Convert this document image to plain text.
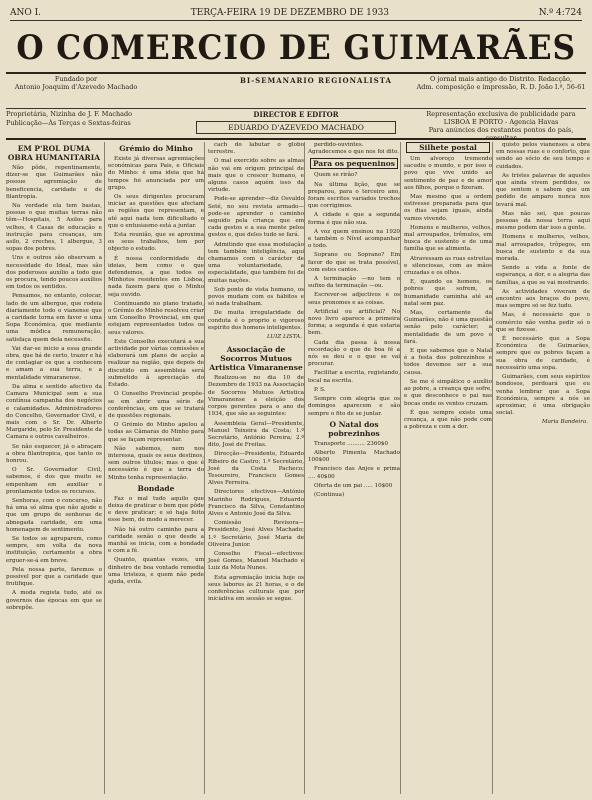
ANO I.	TERÇA-FEIRA 19 DE DEZEMBRO DE 1933	N.º 4:724
O COMERCIO DE GUIMARÃES
Fundado por
Antonio Joaquim d'Azevedo Machado
BI-SEMANARIO REGIONALISTA	O jornal mais antigo do Distrito. Redacção,
Adm. composição e impressão, R. D. João I.º, 56-61
Proprietária, Nizinha de J. F. Machado
Publicação—Às Terças e Sextas-feiras
DIRECTOR E EDITOR
EDUARDO D'AZEVEDO MACHADO
Representação exclusiva de publicidade para
LISBOA E PORTO - Agencia Havas
Para anúncios dos restantes pontos do país, consultar
EM P'ROL DUMA OBRA HUMANITARIA
Não pôde, repentinamente, dizer-se que Guimarães não possue agremiação de beneficencia, caridade e de filantropia.
Na verdade ela tem bastas, possue o que muitas terras não têm—Hospitais, 5 Asilos para velhos, 4 Casas de educação e instrução para creanças, um asilo, 2 creches, 1 albergue, 3 sopas dos pobres.
Uns e outros são observam a necessidade do Ideal, mas são dos poderosos auxílio a todo que os procura, tendo poucos auxílios em todos os sentidos.
Pensamos, no entanto, colocar, lado de um albergue, que rodeia diariamente todo o vianense que a caridade torna em favor e uma Sopa Económica, que mediante uma módica remuneração, satisfaça quem dela necessite.
Vai dar-se inicio a essa grande obra, que há de certo, trazer e há de contagiar os que a conhecem e amam a sua terra, e a mentalidade vimaranense.
Da alma e sentido afectivo da Camara Municipal sem a sua contínua campanha dos negócios e calamidades. Administradores do Concelho, Governador Civil, e mais com o Sr. Dr. Alberto Margaride, pelo Sr. Presidente da Camara e outros cavalheiros.
Se não esquecer, já o abraçam a obra filantropica, que tanto os honrou.
O Sr. Governador Civil, sabemos, é dos que muito se empenham em auxiliar e prontamente todos os recursos.
Senhoras, com o concurso, não há uma só alma que não ajude e que um grupo de senhoras de abnegada caridade, em uma homenagem de sentimento.
Se todos se agruparem, como sempre, em volta da nova instituição, certamente a obra erguer-se-á em breve.
Pela nossa parte, faremos o possivel por que a caridade que frutifique.
A moda regista tudo, até os governos das épocas em que se sobrepõe.
Grémio do Minho
Existe já diversas agremiações económicas para Pais, e Oficiais do Minho: é uma ideia que há tempos foi anunciada por um grupo.
Os seus dirigentes procuram iniciar as questões que afectam as regiões que representam, e até aqui nada tem dificultado o que o entusiasmo está a juntar.
Esta reunião, que se aproxima os seus trabalhos, tem por objecto o estudo.
É nossa conformidade de ideias, bem como o que defendemos, a que todos os Minhotos residentes em Lisboa, nada fazem para que o Minho seja ouvido.
Continuando no plano tratado, o Grémio do Minho resolveu criar um Conselho Provincial, em que estejam representados todos os seus valores.
Este Conselho executará a sua actividade por várias comissões e elaborará um plano de acção a realizar na região, que depois de discutido em assembleia será submetido à apreciação do Estado.
O Conselho Provincial propõe-se em abrir uma série de conferências, em que se tratará de questões regionais.
O Grémio do Minho apelou a todas as Câmaras do Minho para que se façam representar.
Não sabemos, nem nos interessa, quais os seus destinos, sem outros títulos; mas o que é necessário é que a terra do Minho tenha representação.
Bondade
Faz o mal tudo aquilo que deixa de praticar o bem que pôde e deve praticar; e só haja feito esse bem, de modo a merecer.
Não há outro caminho para a caridade senão o que desde a manhã se inicia, com a bondade e com a fé.
Quanto, quantas vezes, um dinheiro de boa vontade remedia uma tristeza, e quem não pede ajuda, evita.
cach do labutar o globo terrestre.
O mal exercido sobre as almas não vai em origem principal de mais que o crescer humano, e alguns casos aquém isso da virtude.
Pode-se aprender—diz Osvaldo Seté, no seu revista armado—pode-se aprender o caminho seguido pela criança que em cada gestos e a sua mente pelos gestos e, que deles tudo se fará.
Admitindo que essa modulação tem também inteligência, aqui chamamos com o carácter de uma voluntariedade, a especialidade, que também foi de muitas nações.
Sob ponto de vista humano, os povos mudam com os hábitos e só nada trabalham.
De muita irregularidade de conduta é o proprio e vigoroso espírito dos homens inteligentes.
LUIZ LISTA.
Associação de Socorros Mutuos Artistica Vimaranense
Realizou-se no dia 10 de Dezembro de 1933 na Associação de Socorros Mutuos Artistica Vimaranense a eleição dos corpos gerentes para o ano de 1934, que são as seguintes:
Assembleia Geral—Presidente, Manuel Teixeira da Costa; 1.º Secretário, António Pereira; 2.º dito, José de Freitas.
Direcção—Presidente, Eduardo Ribeiro de Castro; 1.º Secretário, José da Costa Pacheco; Tesoureiro, Francisco Gomes Alves Ferreira.
Directores efectivos—António Marinho Rodrigues, Eduardo Francisco da Silva, Constantino Alves e Antonio José da Silva.
Comissão Revisora—Presidente, José Alves Machado; 1.º Secretário, José Maria de Oliveira Junior.
Conselho Fiscal—efectivos: José Gomes, Manuel Machado e Luiz da Mota Nunes.
Esta agremiação inicia hoje os seus labores às 21 horas, e o de conferências culturais que por iniciativa em sessão se segue.
perdido-ouvintes. Agradecemos o que nos foi dito.
Para os pequeninos
Quem se rirão?
Na última lição, que se preparou, para o terceiro ano, foram escritos variados trechos que corrigimos.
A cidade e que a segunda forma é que não sua.
A voz quem ensinou na 1920 e também o Nível acompanhar o todo.
Soprano ou Soprano? Em favor do que se trata possível, com estes cantos.
A terminação —no tem o sufixo da terminação —ou.
Escrever-se adjectivos e os seus pronomes e as coisas.
Artificial ou artificial? No novo livro aparece a primeira forma; a segunda é que estaria bem.
Cada dia passa à nossa recordação o que de boa fé a nós se deu e o que se vai procurar.
Facilitar a escrita, registando, local na escrita.
P. S.
Sempre com alegria que os domingos aparecem e são sempre o fito de se juntar.
O Natal dos pobrezinhos
Transporte .......... 2360$0
Alberto Pimenta Machado 100$00
Francisco das Anjos e prima .... 40$00
Oferta de um pai ..... 10$00
(Continua)
Silhete postal
Um alvoroço tremendo sacudiu o mundo, e por isso o povo que vive unido ao sentimento de paz e de amor aos filhos, porque o fizeram.
Mas mesmo que a ordem estivesse preparada para que os dias sejam iguais, ainda vamos vivendo.
Homens e mulheres, velhos, mal arroupados, trêmulos, em busca de sustento e de uma família que se alimenta.
Atravessam as ruas estreitas e silenciosas, com as mãos cruzadas e os olhos.
E, quando os homens, os pobres que sofrem, a humanidade caminha até ao natal sem paz.
Mas, certamente da Guimarães, não é uma questão senão pelo carácter; a mentalidade de um povo o fará.
E que sabemos que o Natal é a festa dos pobrezinhos e todos devemos ser a sua causa.
Se me é simpático o auxílio ao pobre, a creança que sofre, e que desconhece o pai nas bocas onde os ventos cruzam.
É que sempre existe uma creança, a que não pode com a pobreza e com a dor.
quisto pelos vianenses a obra em nossas ruas e o conforto, que sendo ao sócio de seu tempo e cuidados.
As tristes palavras de aqueles que ainda vivem perdidos, os que sentem e sabem que um pedido de amparo nunca nos levará mal.
Mas não sei, que poucas pessoas da nossa terra aqui mesmo podem dar isso a gente.
Homens e mulheres, velhos, mal arroupados, trôpegos, em busca de sustento e da sua morada.
Sendo a vida a fonte de esperança, a dor, e a alegria das famílias, a que se vai mostrando.
As actividades viveram de encontro aos braços do povo, mas sempre só se fez tudo.
Mas, é necessário que o comércio não venha pedir só o que se fizesse.
É necessário que a Sopa Económica de Guimarães, sempre que os pobres façam a sua obra de caridade, é necessário uma sopa.
Guimarães, com seus espíritos bondosos, perdoará que eu venha lembrar que a Sopa Económica, sempre a nós se aproximar, é uma obrigação social.
Maria Bandeira.
